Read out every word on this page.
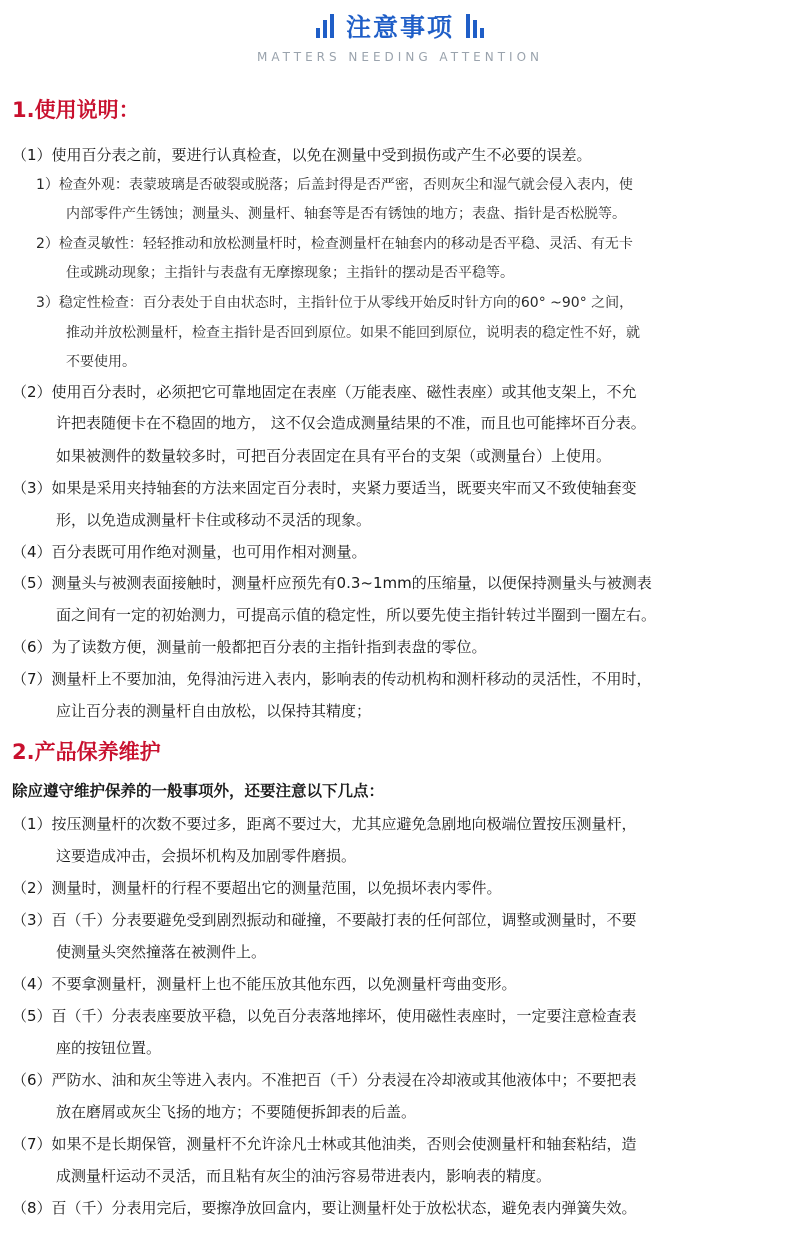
注意事项
MATTERS NEEDING ATTENTION
1.使用说明：
（1）使用百分表之前，要进行认真检查，以免在测量中受到损伤或产生不必要的误差。
1）检查外观：表蒙玻璃是否破裂或脱落；后盖封得是否严密，否则灰尘和湿气就会侵入表内，使
内部零件产生锈蚀；测量头、测量杆、轴套等是否有锈蚀的地方；表盘、指针是否松脱等。
2）检查灵敏性：轻轻推动和放松测量杆时，检查测量杆在轴套内的移动是否平稳、灵活、有无卡
住或跳动现象；主指针与表盘有无摩擦现象；主指针的摆动是否平稳等。
3）稳定性检查：百分表处于自由状态时，主指针位于从零线开始反时针方向的60° ~90° 之间，
推动并放松测量杆，检查主指针是否回到原位。如果不能回到原位，说明表的稳定性不好，就
不要使用。
（2）使用百分表时，必须把它可靠地固定在表座（万能表座、磁性表座）或其他支架上，不允
许把表随便卡在不稳固的地方， 这不仅会造成测量结果的不准，而且也可能摔坏百分表。
如果被测件的数量较多时，可把百分表固定在具有平台的支架（或测量台）上使用。
（3）如果是采用夹持轴套的方法来固定百分表时，夹紧力要适当，既要夹牢而又不致使轴套变
形，以免造成测量杆卡住或移动不灵活的现象。
（4）百分表既可用作绝对测量，也可用作相对测量。
（5）测量头与被测表面接触时，测量杆应预先有0.3~1mm的压缩量，以便保持测量头与被测表
面之间有一定的初始测力，可提高示值的稳定性，所以要先使主指针转过半圈到一圈左右。
（6）为了读数方便，测量前一般都把百分表的主指针指到表盘的零位。
（7）测量杆上不要加油，免得油污进入表内，影响表的传动机构和测杆移动的灵活性，不用时，
应让百分表的测量杆自由放松，以保持其精度；
2.产品保养维护
除应遵守维护保养的一般事项外，还要注意以下几点：
（1）按压测量杆的次数不要过多，距离不要过大，尤其应避免急剧地向极端位置按压测量杆，
这要造成冲击，会损坏机构及加剧零件磨损。
（2）测量时，测量杆的行程不要超出它的测量范围，以免损坏表内零件。
（3）百（千）分表要避免受到剧烈振动和碰撞，不要敲打表的任何部位，调整或测量时，不要
使测量头突然撞落在被测件上。
（4）不要拿测量杆，测量杆上也不能压放其他东西，以免测量杆弯曲变形。
（5）百（千）分表表座要放平稳，以免百分表落地摔坏，使用磁性表座时，一定要注意检查表
座的按钮位置。
（6）严防水、油和灰尘等进入表内。不准把百（千）分表浸在冷却液或其他液体中；不要把表
放在磨屑或灰尘飞扬的地方；不要随便拆卸表的后盖。
（7）如果不是长期保管，测量杆不允许涂凡士林或其他油类，否则会使测量杆和轴套粘结，造
成测量杆运动不灵活，而且粘有灰尘的油污容易带进表内，影响表的精度。
（8）百（千）分表用完后，要擦净放回盒内，要让测量杆处于放松状态，避免表内弹簧失效。
